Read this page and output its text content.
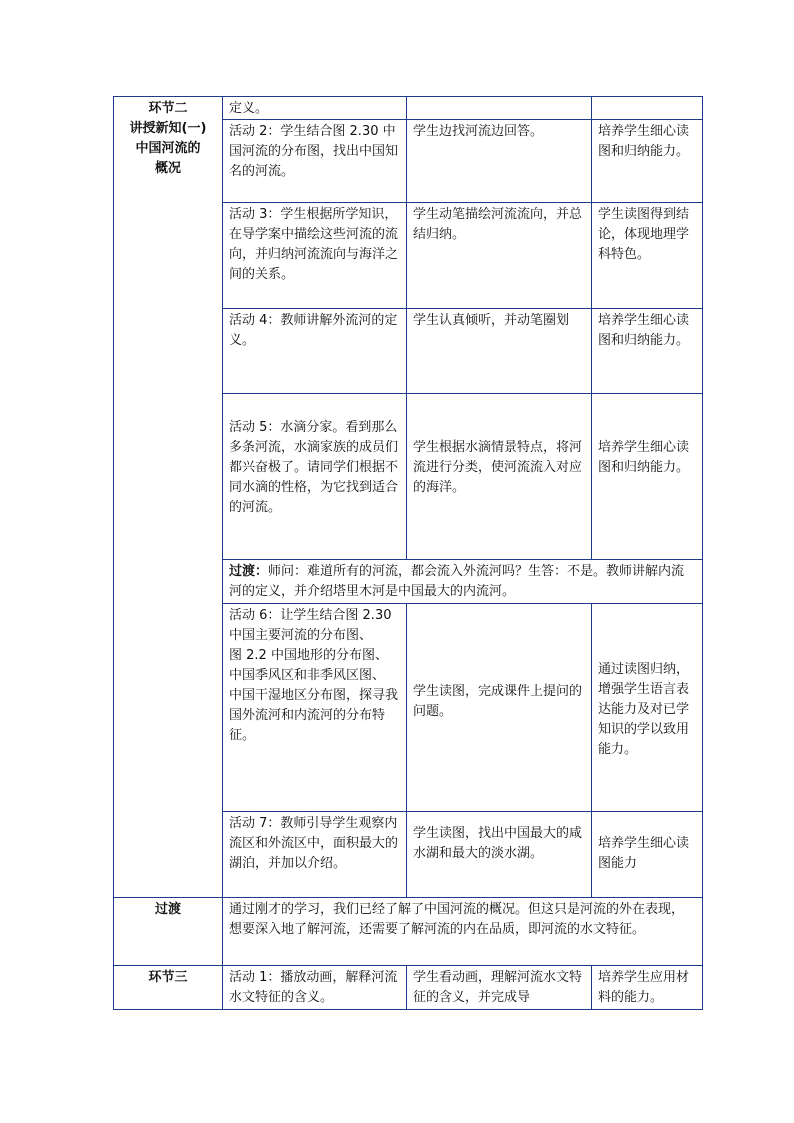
环节二
讲授新知(一)
中国河流的
概况	定义。		
	活动 2：学生结合图 2.30 中国河流的分布图，找出中国知名的河流。	学生边找河流边回答。	培养学生细心读图和归纳能力。
	活动 3：学生根据所学知识，在导学案中描绘这些河流的流向，并归纳河流流向与海洋之间的关系。	学生动笔描绘河流流向，并总结归纳。	学生读图得到结论，体现地理学科特色。
	活动 4：教师讲解外流河的定义。	学生认真倾听，并动笔圈划	培养学生细心读图和归纳能力。
	活动 5：水滴分家。看到那么多条河流，水滴家族的成员们都兴奋极了。请同学们根据不同水滴的性格，为它找到适合的河流。	学生根据水滴情景特点，将河流进行分类，使河流流入对应的海洋。	培养学生细心读图和归纳能力。
	过渡：师问：难道所有的河流，都会流入外流河吗？生答：不是。教师讲解内流河的定义，并介绍塔里木河是中国最大的内流河。		
	活动 6：让学生结合图 2.30 中国主要河流的分布图、
图 2.2 中国地形的分布图、
中国季风区和非季风区图、
中国干湿地区分布图，探寻我国外流河和内流河的分布特征。	学生读图，完成课件上提问的问题。	通过读图归纳，增强学生语言表达能力及对已学知识的学以致用能力。
	活动 7：教师引导学生观察内流区和外流区中，面积最大的湖泊，并加以介绍。	学生读图，找出中国最大的咸水湖和最大的淡水湖。	培养学生细心读图能力
过渡	通过刚才的学习，我们已经了解了中国河流的概况。但这只是河流的外在表现，想要深入地了解河流，还需要了解河流的内在品质，即河流的水文特征。		
环节三	活动 1：播放动画，解释河流水文特征的含义。	学生看动画，理解河流水文特征的含义，并完成导	培养学生应用材料的能力。
